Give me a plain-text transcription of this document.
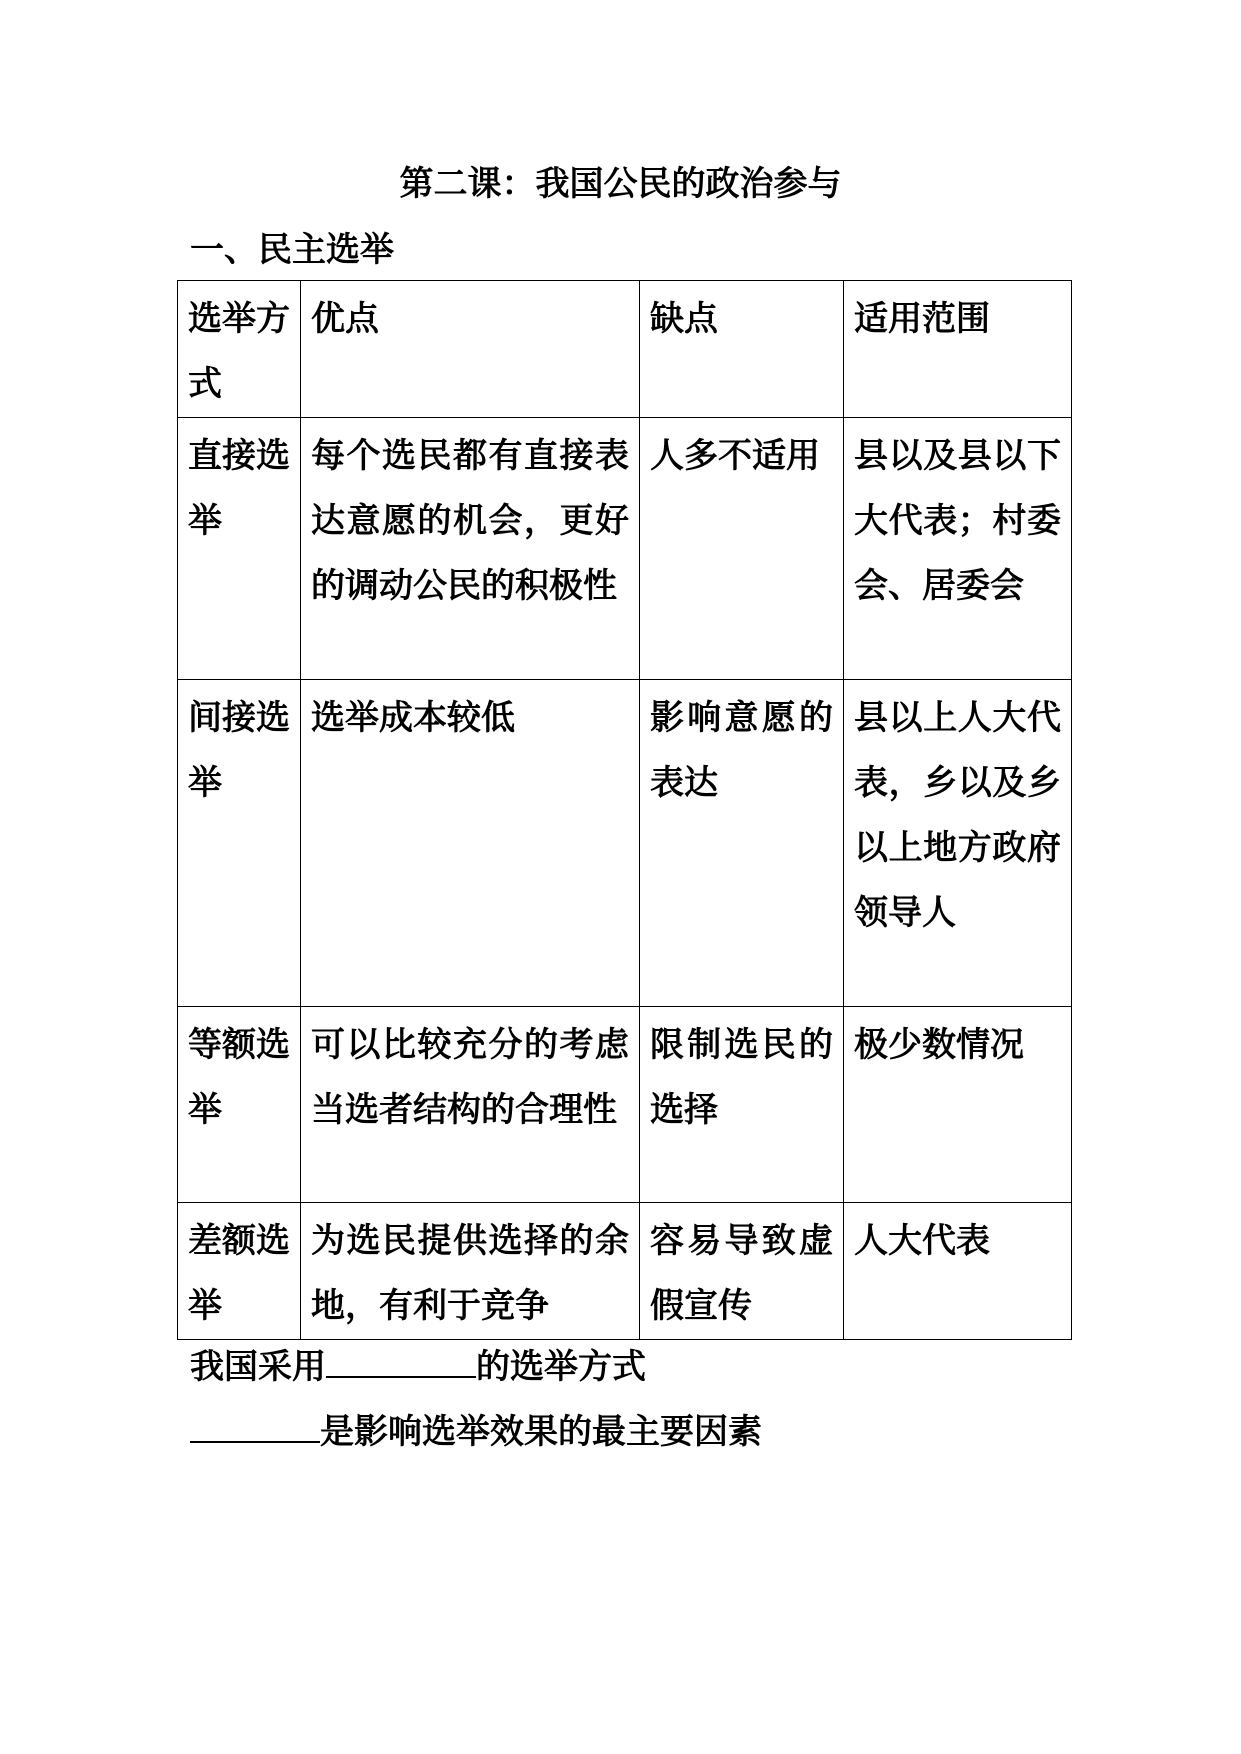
第二课：我国公民的政治参与
一、民主选举
选举方式	优点	缺点	适用范围
直接选举	每个选民都有直接表达意愿的机会，更好的调动公民的积极性	人多不适用	县以及县以下大代表；村委会、居委会
间接选举	选举成本较低	影响意愿的表达	县以上人大代表，乡以及乡以上地方政府领导人
等额选举	可以比较充分的考虑当选者结构的合理性	限制选民的选择	极少数情况
差额选举	为选民提供选择的余地，有利于竞争	容易导致虚假宣传	人大代表
我国采用	的选举方式
是影响选举效果的最主要因素
